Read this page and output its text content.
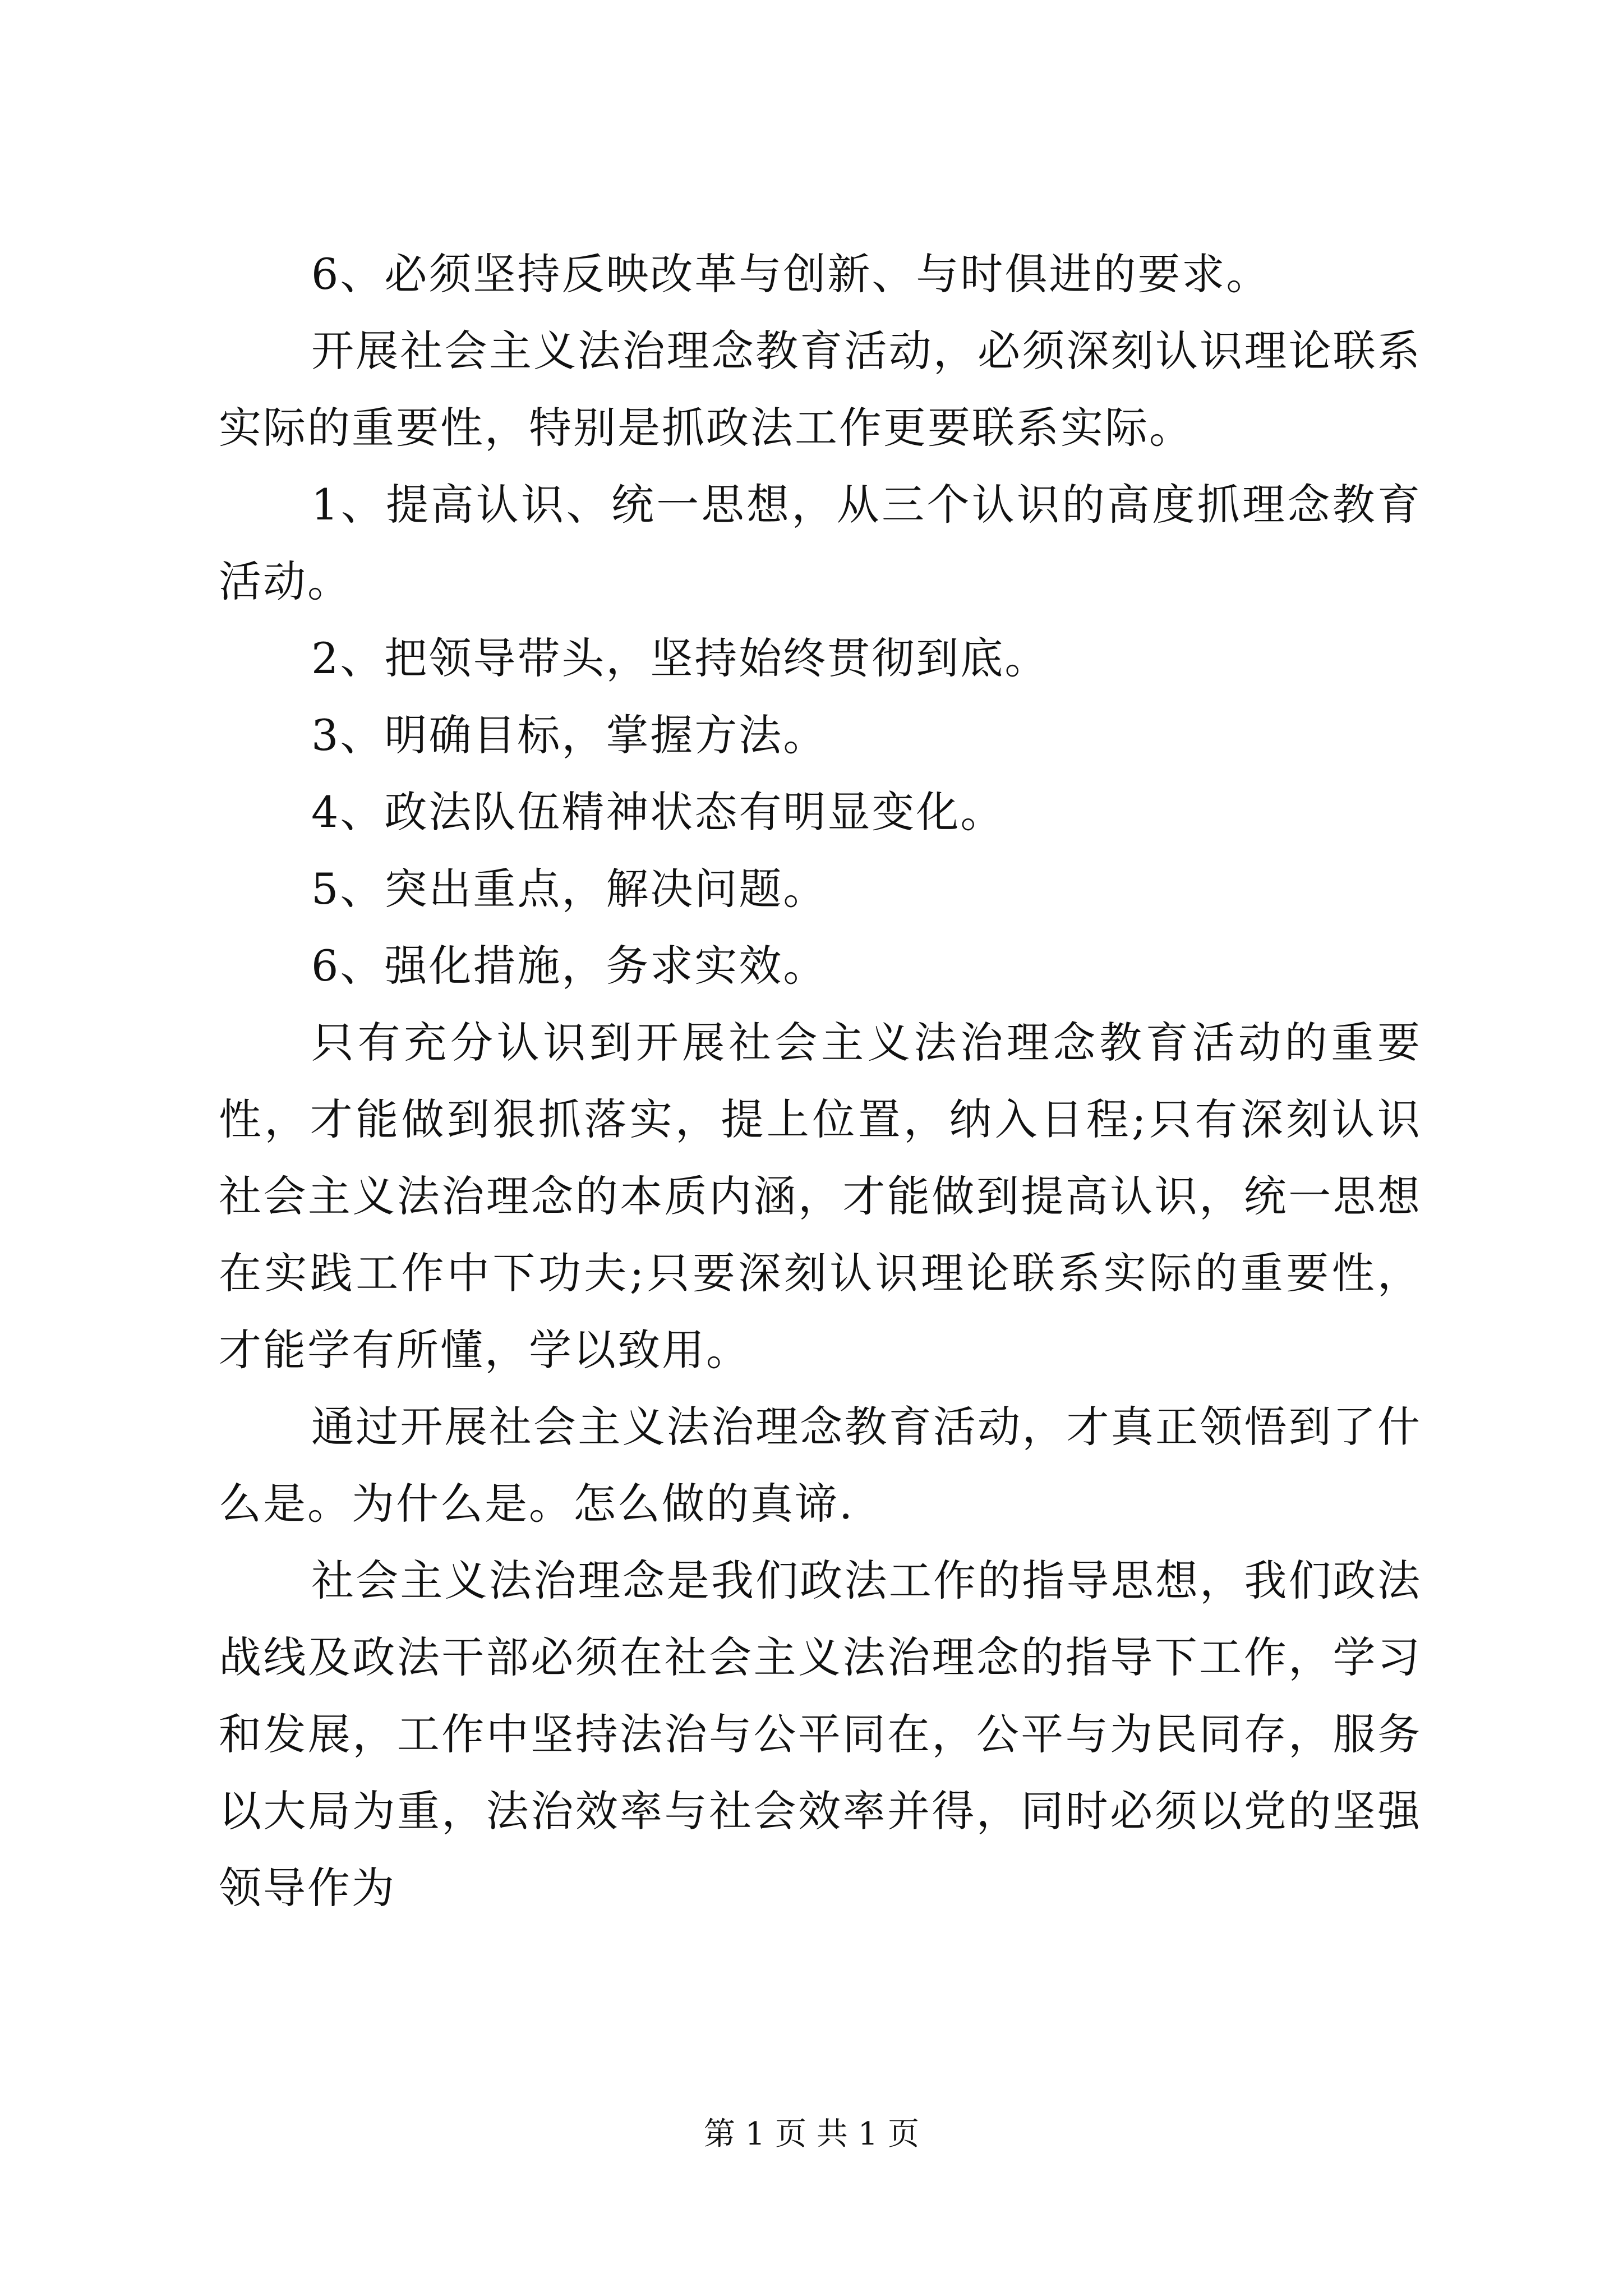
6、必须坚持反映改革与创新、与时俱进的要求。

开展社会主义法治理念教育活动，必须深刻认识理论联系实际的重要性，特别是抓政法工作更要联系实际。

1、提高认识、统一思想，从三个认识的高度抓理念教育活动。

2、把领导带头，坚持始终贯彻到底。

3、明确目标，掌握方法。

4、政法队伍精神状态有明显变化。

5、突出重点，解决问题。

6、强化措施，务求实效。

只有充分认识到开展社会主义法治理念教育活动的重要性，才能做到狠抓落实，提上位置，纳入日程;只有深刻认识社会主义法治理念的本质内涵，才能做到提高认识，统一思想在实践工作中下功夫;只要深刻认识理论联系实际的重要性，才能学有所懂，学以致用。

通过开展社会主义法治理念教育活动，才真正领悟到了什么是。为什么是。怎么做的真谛.

社会主义法治理念是我们政法工作的指导思想，我们政法战线及政法干部必须在社会主义法治理念的指导下工作，学习和发展，工作中坚持法治与公平同在，公平与为民同存，服务以大局为重，法治效率与社会效率并得，同时必须以党的坚强领导作为

第 1 页 共 1 页
